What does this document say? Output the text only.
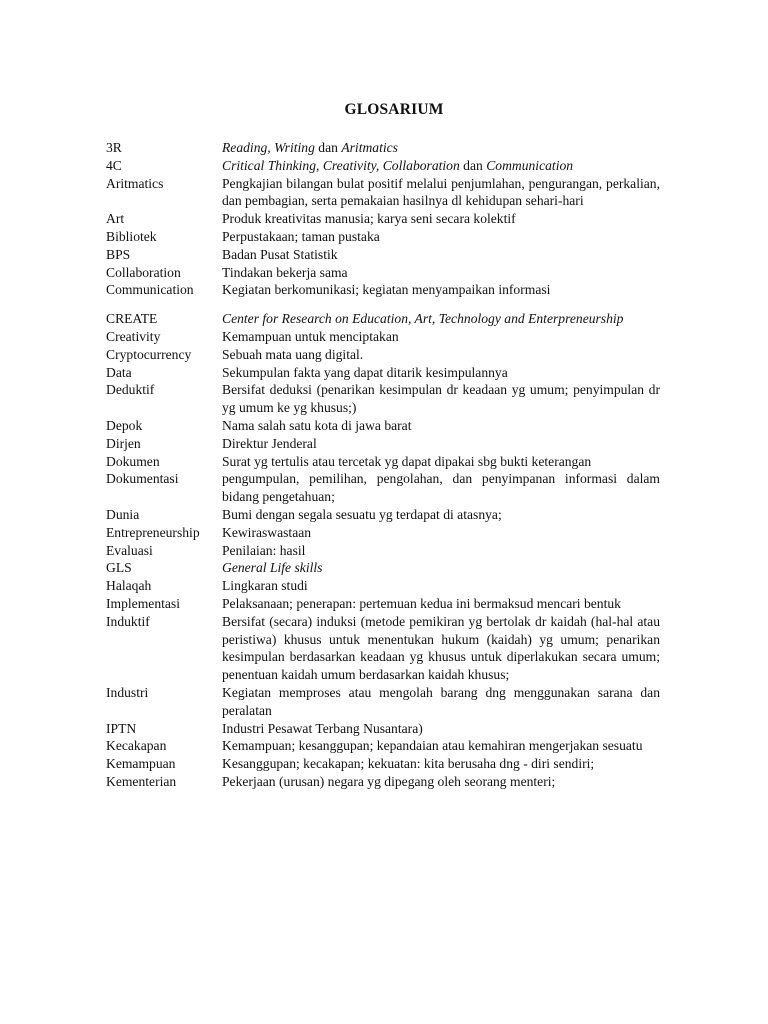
GLOSARIUM
3R	Reading, Writing dan Aritmatics
4C	Critical Thinking, Creativity, Collaboration dan Communication
Aritmatics	Pengkajian bilangan bulat positif melalui penjumlahan, pengurangan, perkalian, dan pembagian, serta pemakaian hasilnya dl kehidupan sehari-hari
Art	Produk kreativitas manusia; karya seni secara kolektif
Bibliotek	Perpustakaan; taman pustaka
BPS	Badan Pusat Statistik
Collaboration	Tindakan bekerja sama
Communication	Kegiatan berkomunikasi; kegiatan menyampaikan informasi
CREATE	Center for Research on Education, Art, Technology and Enterpreneurship
Creativity	Kemampuan untuk menciptakan
Cryptocurrency	Sebuah mata uang digital.
Data	Sekumpulan fakta yang dapat ditarik kesimpulannya
Deduktif	Bersifat deduksi (penarikan kesimpulan dr keadaan yg umum; penyimpulan dr yg umum ke yg khusus;)
Depok	Nama salah satu kota di jawa barat
Dirjen	Direktur Jenderal
Dokumen	Surat yg tertulis atau tercetak yg dapat dipakai sbg bukti keterangan
Dokumentasi	pengumpulan, pemilihan, pengolahan, dan penyimpanan informasi dalam bidang pengetahuan;
Dunia	Bumi dengan segala sesuatu yg terdapat di atasnya;
Entrepreneurship	Kewiraswastaan
Evaluasi	Penilaian: hasil
GLS	General Life skills
Halaqah	Lingkaran studi
Implementasi	Pelaksanaan; penerapan: pertemuan kedua ini bermaksud mencari bentuk
Induktif	Bersifat (secara) induksi (metode pemikiran yg bertolak dr kaidah (hal-hal atau peristiwa) khusus untuk menentukan hukum (kaidah) yg umum; penarikan kesimpulan berdasarkan keadaan yg khusus untuk diperlakukan secara umum; penentuan kaidah umum berdasarkan kaidah khusus;
Industri	Kegiatan memproses atau mengolah barang dng menggunakan sarana dan peralatan
IPTN	Industri Pesawat Terbang Nusantara)
Kecakapan	Kemampuan; kesanggupan; kepandaian atau kemahiran mengerjakan sesuatu
Kemampuan	Kesanggupan; kecakapan; kekuatan: kita berusaha dng - diri sendiri;
Kementerian	Pekerjaan (urusan) negara yg dipegang oleh seorang menteri;
